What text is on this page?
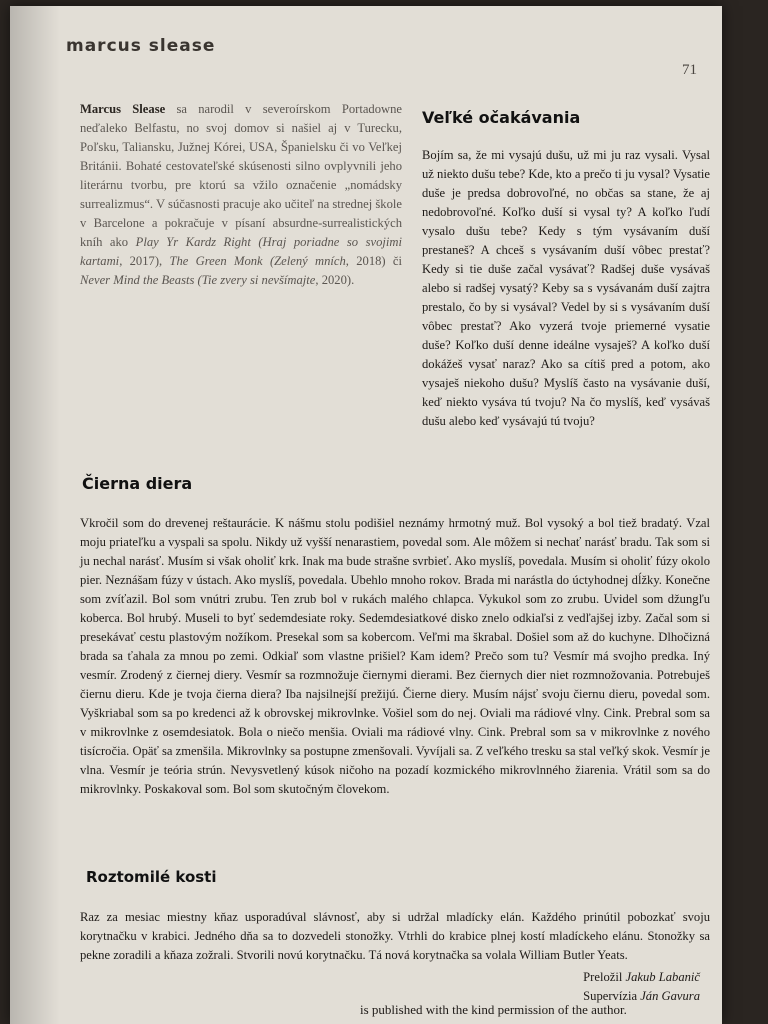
marcus slease
71
Marcus Slease sa narodil v severoírskom Portadowne neďaleko Belfastu, no svoj domov si našiel aj v Turecku, Poľsku, Taliansku, Južnej Kórei, USA, Španielsku či vo Veľkej Británii. Bohaté cestovateľské skúsenosti silno ovplyvnili jeho literárnu tvorbu, pre ktorú sa vžilo označenie „nomádsky surrealizmus“. V súčasnosti pracuje ako učiteľ na strednej škole v Barcelone a pokračuje v písaní absurdne-surrealistických kníh ako Play Yr Kardz Right (Hraj poriadne so svojimi kartami, 2017), The Green Monk (Zelený mních, 2018) či Never Mind the Beasts (Tie zvery si nevšímajte, 2020).
Veľké očakávania
Bojím sa, že mi vysajú dušu, už mi ju raz vysali. Vysal už niekto dušu tebe? Kde, kto a prečo ti ju vysal? Vysatie duše je predsa dobrovoľné, no občas sa stane, že aj nedobrovoľné. Koľko duší si vysal ty? A koľko ľudí vysalo dušu tebe? Kedy s tým vysávaním duší prestaneš? A chceš s vysávaním duší vôbec prestať? Kedy si tie duše začal vysávať? Radšej duše vysávaš alebo si radšej vysatý? Keby sa s vysávanám duší zajtra prestalo, čo by si vysával? Vedel by si s vysávaním duší vôbec prestať? Ako vyzerá tvoje priemerné vysatie duše? Koľko duší denne ideálne vysaješ? A koľko duší dokážeš vysať naraz? Ako sa cítiš pred a potom, ako vysaješ niekoho dušu? Myslíš často na vysávanie duší, keď niekto vysáva tú tvoju? Na čo myslíš, keď vysávaš dušu alebo keď vysávajú tú tvoju?
Čierna diera
Vkročil som do drevenej reštaurácie. K nášmu stolu podišiel neznámy hrmotný muž. Bol vysoký a bol tiež bradatý. Vzal moju priateľku a vyspali sa spolu. Nikdy už vyšší nenarastiem, povedal som. Ale môžem si nechať narásť bradu. Tak som si ju nechal narásť. Musím si však oholiť krk. Inak ma bude strašne svrbieť. Ako myslíš, povedala. Musím si oholiť fúzy okolo pier. Neznášam fúzy v ústach. Ako myslíš, povedala. Ubehlo mnoho rokov. Brada mi narástla do úctyhodnej dĺžky. Konečne som zvíťazil. Bol som vnútri zrubu. Ten zrub bol v rukách malého chlapca. Vykukol som zo zrubu. Uvidel som džungľu koberca. Bol hrubý. Museli to byť sedemdesiate roky. Sedemdesiatkové disko znelo odkiaľsi z vedľajšej izby. Začal som si presekávať cestu plastovým nožíkom. Presekal som sa kobercom. Veľmi ma škrabal. Došiel som až do kuchyne. Dlhočizná brada sa ťahala za mnou po zemi. Odkiaľ som vlastne prišiel? Kam idem? Prečo som tu? Vesmír má svojho predka. Iný vesmír. Zrodený z čiernej diery. Vesmír sa rozmnožuje čiernymi dierami. Bez čiernych dier niet rozmnožovania. Potrebuješ čiernu dieru. Kde je tvoja čierna diera? Iba najsilnejší prežijú. Čierne diery. Musím nájsť svoju čiernu dieru, povedal som. Vyškriabal som sa po kredenci až k obrovskej mikrovlnke. Vošiel som do nej. Oviali ma rádiové vlny. Cink. Prebral som sa v mikrovlnke z osemdesiatok. Bola o niečo menšia. Oviali ma rádiové vlny. Cink. Prebral som sa v mikrovlnke z nového tisícročia. Opäť sa zmenšila. Mikrovlnky sa postupne zmenšovali. Vyvíjali sa. Z veľkého tresku sa stal veľký skok. Vesmír je vlna. Vesmír je teória strún. Nevysvetlený kúsok ničoho na pozadí kozmického mikrovlnného žiarenia. Vrátil som sa do mikrovlnky. Poskakoval som. Bol som skutočným človekom.
Roztomilé kosti
Raz za mesiac miestny kňaz usporadúval slávnosť, aby si udržal mladícky elán. Každého prinútil pobozkať svoju korytnačku v krabici. Jedného dňa sa to dozvedeli stonožky. Vtrhli do krabice plnej kostí mladíckeho elánu. Stonožky sa pekne zoradili a kňaza zožrali. Stvorili novú korytnačku. Tá nová korytnačka sa volala William Butler Yeats.
Preložil Jakub Labanič
Supervízia Ján Gavura
is published with the kind permission of the author.
